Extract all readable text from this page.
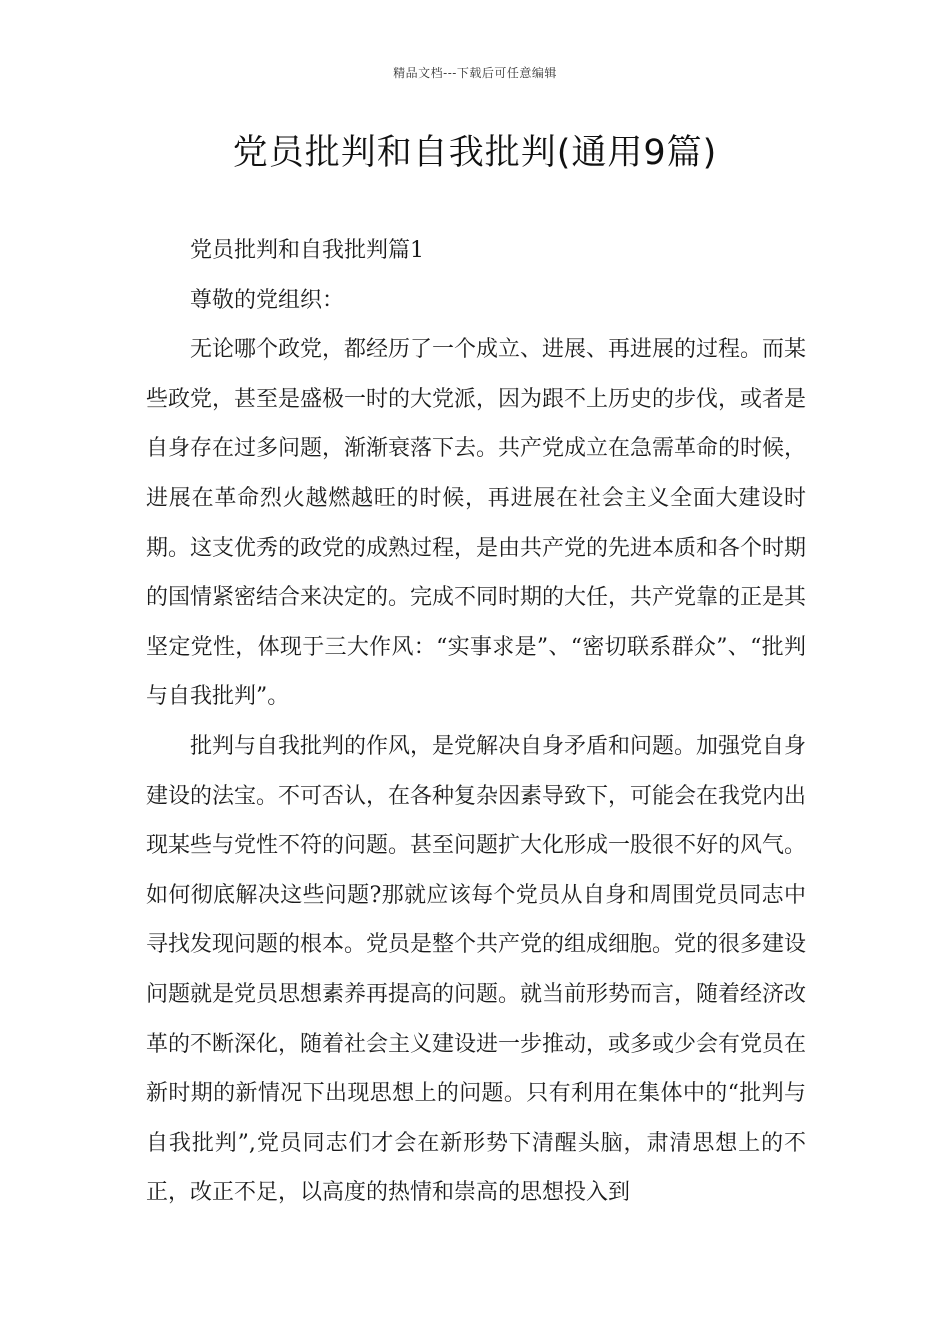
精品文档---下载后可任意编辑
党员批判和自我批判(通用9篇)

党员批判和自我批判篇1

尊敬的党组织：

无论哪个政党，都经历了一个成立、进展、再进展的过程。而某些政党，甚至是盛极一时的大党派，因为跟不上历史的步伐，或者是自身存在过多问题，渐渐衰落下去。共产党成立在急需革命的时候，进展在革命烈火越燃越旺的时候，再进展在社会主义全面大建设时期。这支优秀的政党的成熟过程，是由共产党的先进本质和各个时期的国情紧密结合来决定的。完成不同时期的大任，共产党靠的正是其坚定党性，体现于三大作风：“实事求是”、“密切联系群众”、“批判与自我批判”。

批判与自我批判的作风，是党解决自身矛盾和问题。加强党自身建设的法宝。不可否认，在各种复杂因素导致下，可能会在我党内出现某些与党性不符的问题。甚至问题扩大化形成一股很不好的风气。如何彻底解决这些问题?那就应该每个党员从自身和周围党员同志中寻找发现问题的根本。党员是整个共产党的组成细胞。党的很多建设问题就是党员思想素养再提高的问题。就当前形势而言，随着经济改革的不断深化，随着社会主义建设进一步推动，或多或少会有党员在新时期的新情况下出现思想上的问题。只有利用在集体中的“批判与自我批判”,党员同志们才会在新形势下清醒头脑，肃清思想上的不正，改正不足，以高度的热情和崇高的思想投入到
